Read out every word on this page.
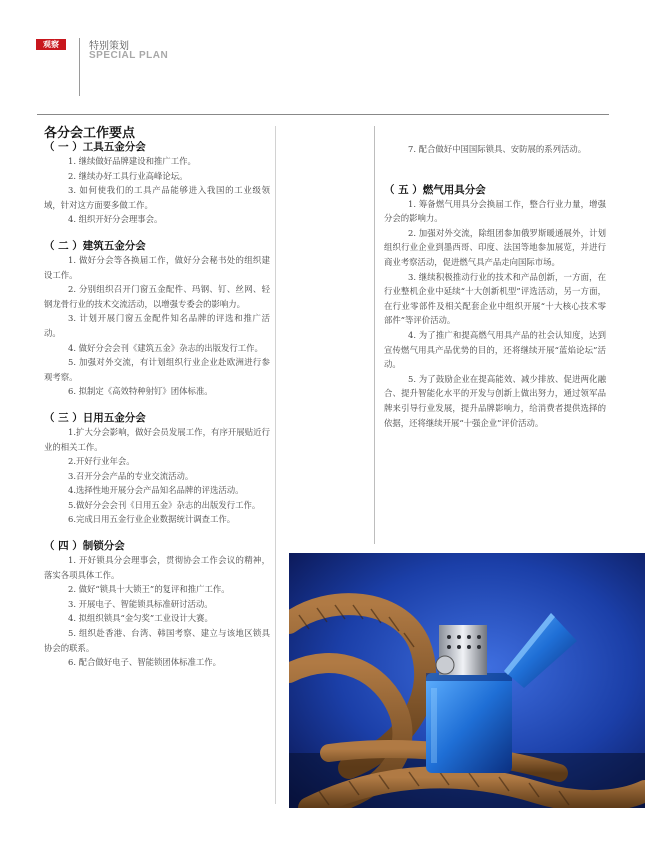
观察	特别策划
SPECIAL PLAN
各分会工作要点
（ 一 ）工具五金分会

1. 继续做好品牌建设和推广工作。

2. 继续办好工具行业高峰论坛。

3. 如何使我们的工具产品能够进入我国的工业级领域，针对这方面要多做工作。

4. 组织开好分会理事会。

（ 二 ）建筑五金分会

1. 做好分会等各换届工作，做好分会秘书处的组织建设工作。

2. 分别组织召开门窗五金配件、玛钢、钉、丝网、轻钢龙骨行业的技术交流活动，以增强专委会的影响力。

3. 计划开展门窗五金配件知名品牌的评选和推广活动。

4. 做好分会会刊《建筑五金》杂志的出版发行工作。

5. 加强对外交流，有计划组织行业企业赴欧洲进行参观考察。

6. 拟制定《高效特种射钉》团体标准。

（ 三 ）日用五金分会

1.扩大分会影响，做好会员发展工作，有序开展贴近行业的相关工作。

2.开好行业年会。

3.召开分会产品的专业交流活动。

4.选择性地开展分会产品知名品牌的评选活动。

5.做好分会会刊《日用五金》杂志的出版发行工作。

6.完成日用五金行业企业数据统计调查工作。

（ 四 ）制锁分会

1. 开好锁具分会理事会，贯彻协会工作会议的精神，落实各项具体工作。

2. 做好“锁具十大锁王”的复评和推广工作。

3. 开展电子、智能锁具标准研讨活动。

4. 拟组织锁具“金匀奖”工业设计大赛。

5. 组织赴香港、台湾、韩国考察、建立与该地区锁具协会的联系。

6. 配合做好电子、智能锁团体标准工作。

7. 配合做好中国国际锁具、安防展的系列活动。

（ 五 ）燃气用具分会

1. 筹备燃气用具分会换届工作，整合行业力量，增强分会的影响力。

2. 加强对外交流，除组团参加俄罗斯暖通展外，计划组织行业企业到墨西哥、印度、法国等地参加展览，并进行商业考察活动，促进燃气具产品走向国际市场。

3. 继续积极推动行业的技术和产品创新，一方面，在行业整机企业中延续“十大创新机型”评选活动，另一方面，在行业零部件及相关配套企业中组织开展“十大核心技术零部件”等评价活动。

4. 为了推广和提高燃气用具产品的社会认知度，达到宣传燃气用具产品优势的目的，还将继续开展“蓝焰论坛”活动。

5. 为了鼓励企业在提高能效、减少排放、促进两化融合、提升智能化水平的开发与创新上做出努力，通过领军品牌来引导行业发展，提升品牌影响力，给消费者提供选择的依据，还将继续开展“十强企业”评价活动。
